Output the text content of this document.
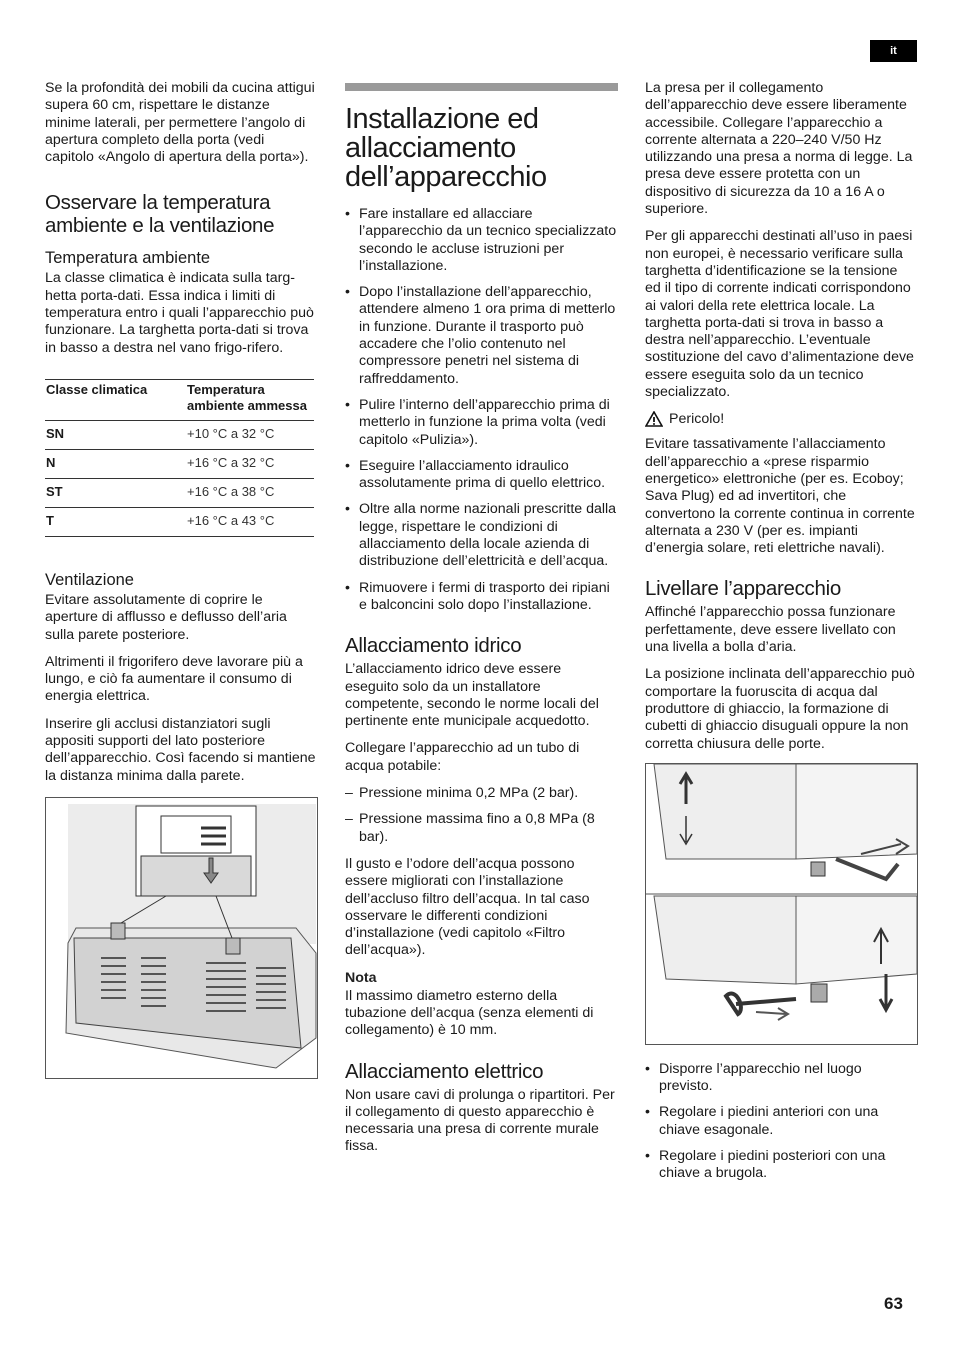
it

Se la profondità dei mobili da cucina attigui supera 60 cm, rispettare le distanze minime laterali, per permettere l’angolo di apertura completo della porta (vedi capitolo «Angolo di apertura della porta»).

Osservare la temperatura ambiente e la ventilazione
Temperatura ambiente

La classe climatica è indicata sulla targ-hetta porta-dati. Essa indica i limiti di temperatura entro i quali l’apparecchio può funzionare. La targhetta porta-dati si trova in basso a destra nel vano frigo-rifero.

Classe climatica	Temperatura ambiente ammessa
SN	+10 °C a 32 °C
N	+16 °C a 32 °C
ST	+16 °C a 38 °C
T	+16 °C a 43 °C
Ventilazione

Evitare assolutamente di coprire le aperture di afflusso e deflusso dell’aria sulla parete posteriore.

Altrimenti il frigorifero deve lavorare più a lungo, e ciò fa aumentare il consumo di energia elettrica.

Inserire gli acclusi distanziatori sugli appositi supporti del lato posteriore dell’apparecchio. Così facendo si mantiene la distanza minima dalla parete.

Installazione ed allacciamento dell’apparecchio
• Fare installare ed allacciare l’apparecchio da un tecnico specializzato secondo le accluse istruzioni per l’installazione.
• Dopo l’installazione dell’apparecchio, attendere almeno 1 ora prima di metterlo in funzione. Durante il trasporto può accadere che l’olio contenuto nel compressore penetri nel sistema di raffreddamento.
• Pulire l’interno dell’apparecchio prima di metterlo in funzione la prima volta (vedi capitolo «Pulizia»).
• Eseguire l’allacciamento idraulico assolutamente prima di quello elettrico.
• Oltre alla norme nazionali prescritte dalla legge, rispettare le condizioni di allacciamento della locale azienda di distribuzione dell’elettricità e dell’acqua.
• Rimuovere i fermi di trasporto dei ripiani e balconcini solo dopo l’installazione.
Allacciamento idrico

L’allacciamento idrico deve essere eseguito solo da un installatore competente, secondo le norme locali del pertinente ente municipale acquedotto.

Collegare l’apparecchio ad un tubo di acqua potabile:

– Pressione minima 0,2 MPa (2 bar).
– Pressione massima fino a 0,8 MPa (8 bar).

Il gusto e l’odore dell’acqua possono essere migliorati con l’installazione dell’accluso filtro dell’acqua. In tal caso osservare le differenti condizioni d’installazione (vedi capitolo «Filtro dell’acqua»).

Nota

Il massimo diametro esterno della tubazione dell’acqua (senza elementi di collegamento) è 10 mm.

Allacciamento elettrico

Non usare cavi di prolunga o ripartitori. Per il collegamento di questo apparecchio è necessaria una presa di corrente murale fissa.

La presa per il collegamento dell’apparecchio deve essere liberamente accessibile. Collegare l’apparecchio a corrente alternata a 220–240 V/50 Hz utilizzando una presa a norma di legge. La presa deve essere protetta con un dispositivo di sicurezza da 10 a 16 A o superiore.

Per gli apparecchi destinati all’uso in paesi non europei, è necessario verificare sulla targhetta d’identificazione se la tensione ed il tipo di corrente indicati corrispondono ai valori della rete elettrica locale. La targhetta porta-dati si trova in basso a destra nell’apparecchio. L’eventuale sostituzione del cavo d’alimentazione deve essere eseguita solo da un tecnico specializzato.

Pericolo!

Evitare tassativamente l’allacciamento dell’apparecchio a «prese risparmio energetico» elettroniche (per es. Ecoboy; Sava Plug) ed ad invertitori, che convertono la corrente continua in corrente alternata a 230 V (per es. impianti d’energia solare, reti elettriche navali).

Livellare l’apparecchio

Affinché l’apparecchio possa funzionare perfettamente, deve essere livellato con una livella a bolla d’aria.

La posizione inclinata dell’apparecchio può comportare la fuoruscita di acqua dal produttore di ghiaccio, la formazione di cubetti di ghiaccio disuguali oppure la non corretta chiusura delle porte.

• Disporre l’apparecchio nel luogo previsto.
• Regolare i piedini anteriori con una chiave esagonale.
• Regolare i piedini posteriori con una chiave a brugola.
63
